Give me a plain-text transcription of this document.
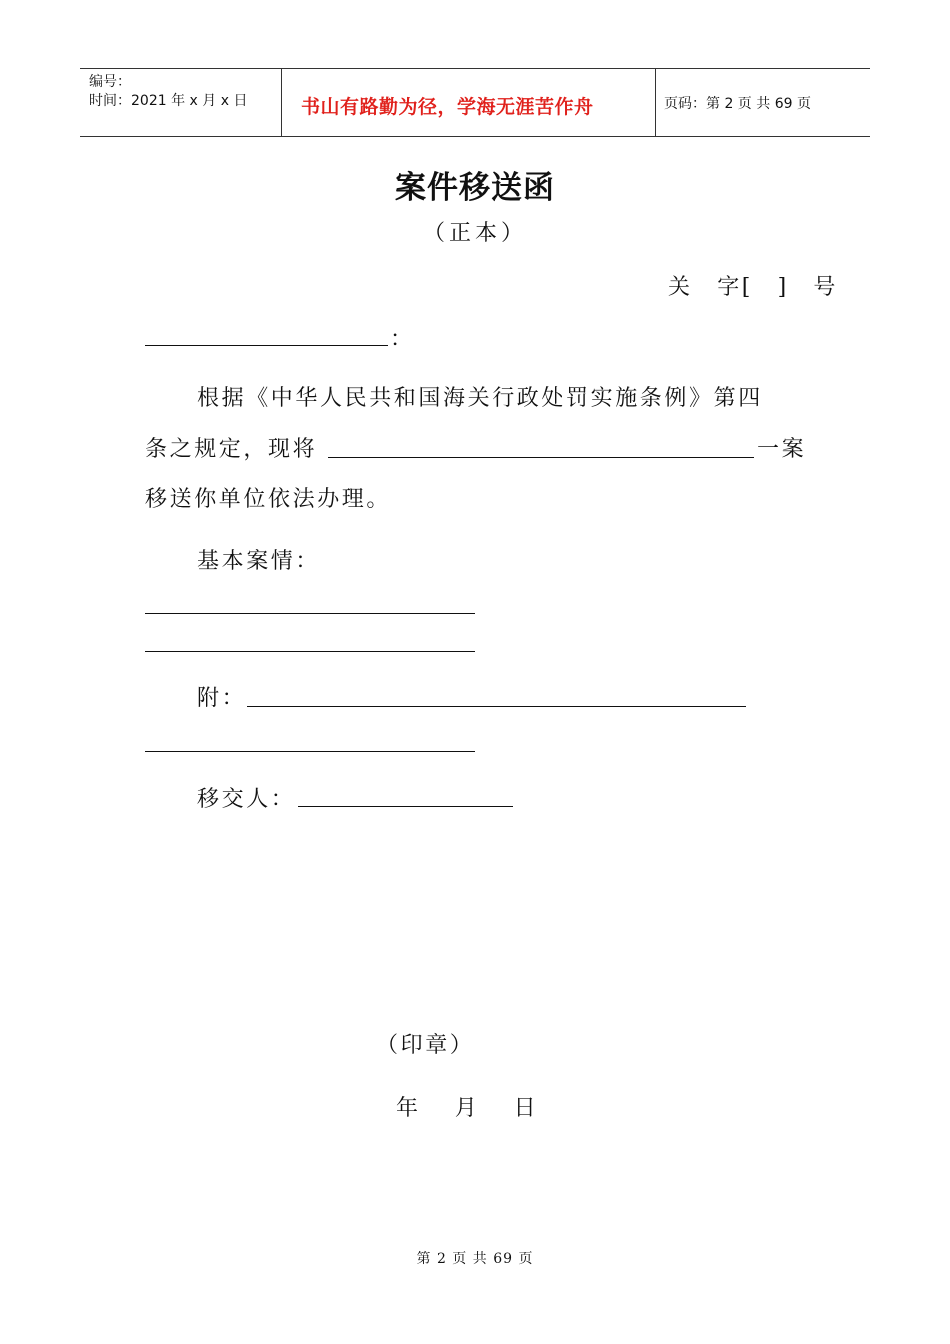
编号：
时间：2021 年 x 月 x 日	书山有路勤为径，学海无涯苦作舟	页码：第 2 页 共 69 页
案件移送函
（正本）
关　字[　]　号
：
根据《中华人民共和国海关行政处罚实施条例》第四
条之规定，现将	一案
移送你单位依法办理。
基本案情：
附：
移交人：
（印章）
年　 月　 日
第 2 页 共 69 页
